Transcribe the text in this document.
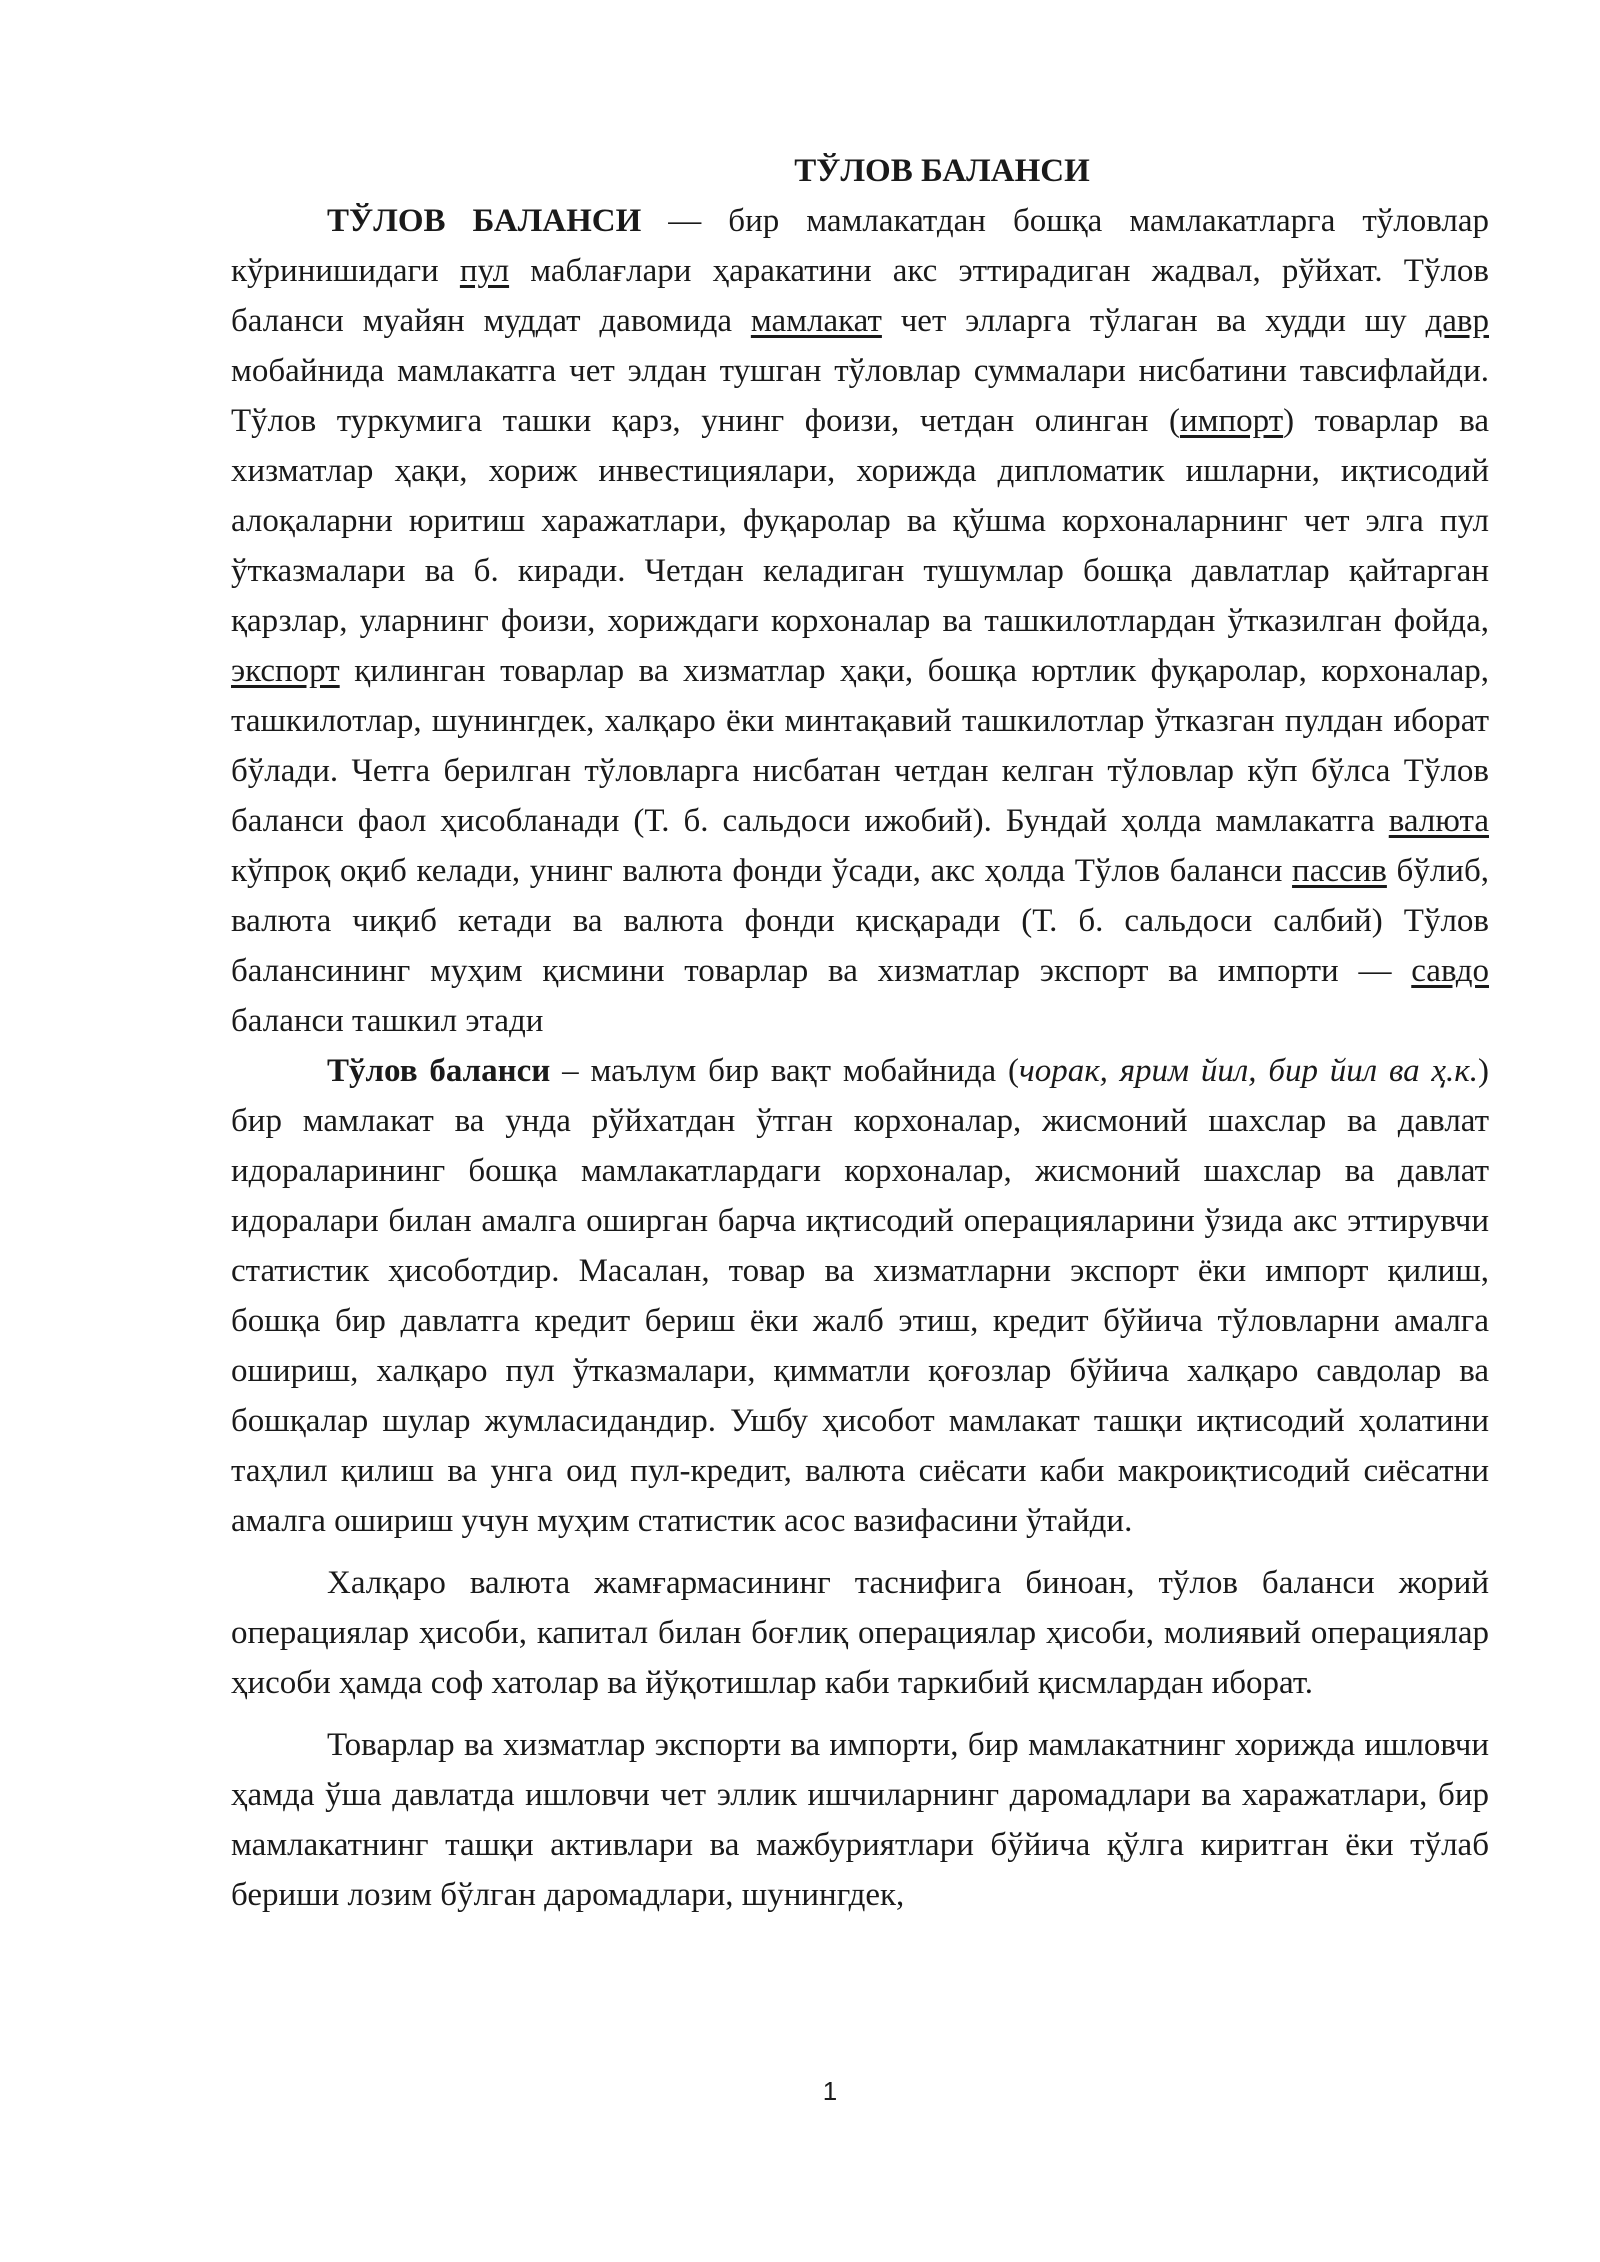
ТЎЛОВ БАЛАНСИ

ТЎЛОВ БАЛАНСИ — бир мамлакатдан бошқа мамлакатларга тўловлар кўринишидаги пул маблағлари ҳаракатини акс эттирадиган жадвал, рўйхат. Тўлов баланси муайян муддат давомида мамлакат чет элларга тўлаган ва худди шу давр мобайнида мамлакатга чет элдан тушган тўловлар суммалари нисбатини тавсифлайди. Тўлов туркумига ташки қарз, унинг фоизи, четдан олинган (импорт) товарлар ва хизматлар ҳақи, хориж инвестициялари, хорижда дипломатик ишларни, иқтисодий алоқаларни юритиш харажатлари, фуқаролар ва қўшма корхоналарнинг чет элга пул ўтказмалари ва б. киради. Четдан келадиган тушумлар бошқа давлатлар қайтарган қарзлар, уларнинг фоизи, хориждаги корхоналар ва ташкилотлардан ўтказилган фойда, экспорт қилинган товарлар ва хизматлар ҳақи, бошқа юртлик фуқаролар, корхоналар, ташкилотлар, шунингдек, халқаро ёки минтақавий ташкилотлар ўтказган пулдан иборат бўлади. Четга берилган тўловларга нисбатан четдан келган тўловлар кўп бўлса Тўлов баланси фаол ҳисобланади (Т. б. сальдоси ижобий). Бундай ҳолда мамлакатга валюта кўпроқ оқиб келади, унинг валюта фонди ўсади, акс ҳолда Тўлов баланси пассив бўлиб, валюта чиқиб кетади ва валюта фонди қисқаради (Т. б. сальдоси салбий) Тўлов балансининг муҳим қисмини товарлар ва хизматлар экспорт ва импорти — савдо баланси ташкил этади

Тўлов баланси – маълум бир вақт мобайнида (чорак, ярим йил, бир йил ва ҳ.к.) бир мамлакат ва унда рўйхатдан ўтган корхоналар, жисмоний шахслар ва давлат идораларининг бошқа мамлакатлардаги корхоналар, жисмоний шахслар ва давлат идоралари билан амалга оширган барча иқтисодий операцияларини ўзида акс эттирувчи статистик ҳисоботдир. Масалан, товар ва хизматларни экспорт ёки импорт қилиш, бошқа бир давлатга кредит бериш ёки жалб этиш, кредит бўйича тўловларни амалга ошириш, халқаро пул ўтказмалари, қимматли қоғозлар бўйича халқаро савдолар ва бошқалар шулар жумласидандир. Ушбу ҳисобот мамлакат ташқи иқтисодий ҳолатини таҳлил қилиш ва унга оид пул-кредит, валюта сиёсати каби макроиқтисодий сиёсатни амалга ошириш учун муҳим статистик асос вазифасини ўтайди.

Халқаро валюта жамғармасининг таснифига биноан, тўлов баланси жорий операциялар ҳисоби, капитал билан боғлиқ операциялар ҳисоби, молиявий операциялар ҳисоби ҳамда соф хатолар ва йўқотишлар каби таркибий қисмлардан иборат.

Товарлар ва хизматлар экспорти ва импорти, бир мамлакатнинг хорижда ишловчи ҳамда ўша давлатда ишловчи чет эллик ишчиларнинг даромадлари ва харажатлари, бир мамлакатнинг ташқи активлари ва мажбуриятлари бўйича қўлга киритган ёки тўлаб бериши лозим бўлган даромадлари, шунингдек,

1
